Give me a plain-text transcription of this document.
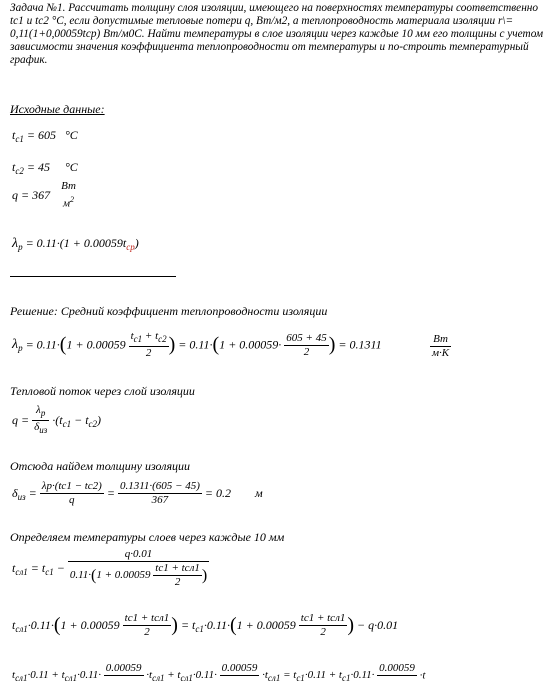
Задача №1. Рассчитать толщину слоя изоляции, имеющего на поверхностях температуры соответственно tc1 и tc2 °С, если допустимые тепловые потери q, Вт/м2, а теплопроводность материала изоляции r\= 0,11(1+0,00059tср) Вт/м0С. Найти температуры в слое изоляции через каждые 10 мм его толщины с учетом зависимости значения коэффициента теплопроводности от температуры и по-строить температурный график.
Исходные данные:
$t_{c1} = 605$ °C
$t_{c2} = 45$ °C
q = 367
Вт
$м^2$
$\lambda_p = 0.11\cdot(1 + 0.00059t_{cp})$
Решение: Средний коэффициент теплопроводности изоляции
$\lambda_p = 0.11\cdot(1 + 0.00059 \frac{t_{c1} + t_{c2}}{2}$ ) = $0.11\cdot(1 + 0.00059\cdot \frac{605 + 45}{2}$ ) = 0.1311	Вт
м·К
Тепловой поток через слой изоляции
q =
$\lambda_p$
$\delta_{из}$
$\cdot(t_{c1} - t_{c2})$
Отсюда найдем толщину изоляции
$\delta_{из} = \frac{\lambda p\cdot(tc1 - tc2)}{q} = \frac{0.1311\cdot(605 - 45)}{367} = 0.2$ м
Определяем температуры слоев через каждые 10 мм
$t_{сл1} = t_{c1}$ −
q·0.01
0.11·(1 + 0.00059
tc1 + tсл1
2	)
$t_{сл1}\cdot 0.11\cdot(1 + 0.00059$ tc1 + tсл1
2	) = $t_{c1}\cdot 0.11\cdot(1 + 0.00059$ tc1 + tсл1
2	) − q·0.01
$t_{сл1}\cdot 0.11 + t_{сл1}\cdot 0.11\cdot$
0.00059

$\cdot t_{сл1} + t_{сл1}\cdot 0.11\cdot$
0.00059

$\cdot t_{сл1} = t_{c1}\cdot 0.11 + t_{c1}\cdot 0.11\cdot$
0.00059

·t
